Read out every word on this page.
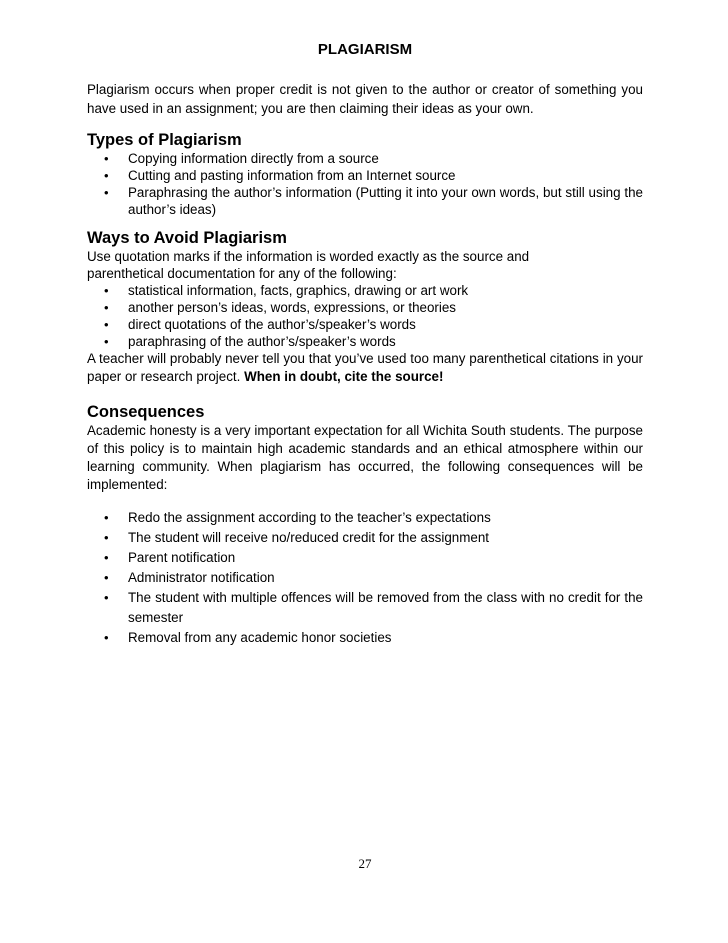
PLAGIARISM

Plagiarism occurs when proper credit is not given to the author or creator of something you have used in an assignment; you are then claiming their ideas as your own.

Types of Plagiarism
• Copying information directly from a source
• Cutting and pasting information from an Internet source
• Paraphrasing the author’s information (Putting it into your own words, but still using the author’s ideas)
Ways to Avoid Plagiarism

Use quotation marks if the information is worded exactly as the source and parenthetical documentation for any of the following:

• statistical information, facts, graphics, drawing or art work
• another person’s ideas, words, expressions, or theories
• direct quotations of the author’s/speaker’s words
• paraphrasing of the author’s/speaker’s words

A teacher will probably never tell you that you’ve used too many parenthetical citations in your paper or research project. When in doubt, cite the source!

Consequences

Academic honesty is a very important expectation for all Wichita South students. The purpose of this policy is to maintain high academic standards and an ethical atmosphere within our learning community. When plagiarism has occurred, the following consequences will be implemented:

• Redo the assignment according to the teacher’s expectations
• The student will receive no/reduced credit for the assignment
• Parent notification
• Administrator notification
• The student with multiple offences will be removed from the class with no credit for the semester
• Removal from any academic honor societies
27
